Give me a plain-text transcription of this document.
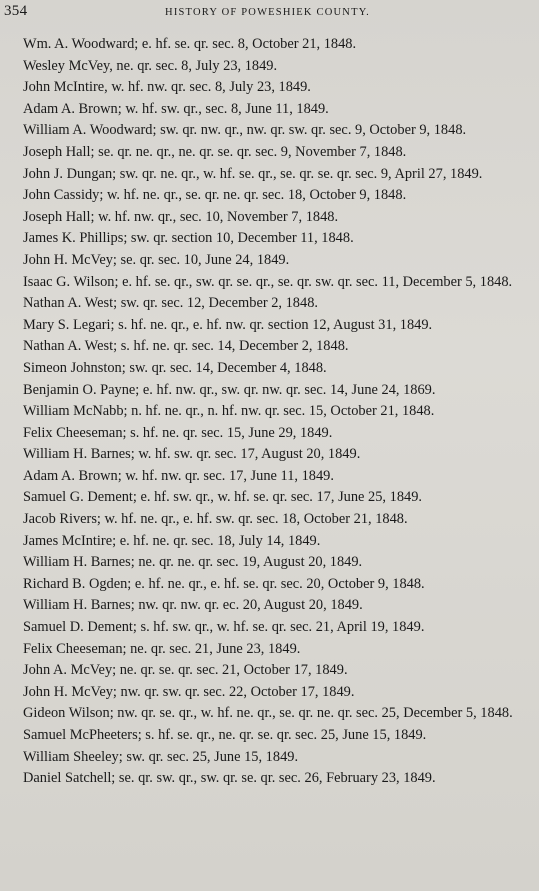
354	HISTORY OF POWESHIEK COUNTY.

Wm. A. Woodward; e. hf. se. qr. sec. 8, October 21, 1848.

Wesley McVey, ne. qr. sec. 8, July 23, 1849.

John McIntire, w. hf. nw. qr. sec. 8, July 23, 1849.

Adam A. Brown; w. hf. sw. qr., sec. 8, June 11, 1849.

William A. Woodward; sw. qr. nw. qr., nw. qr. sw. qr. sec. 9, October 9, 1848.

Joseph Hall; se. qr. ne. qr., ne. qr. se. qr. sec. 9, November 7, 1848.

John J. Dungan; sw. qr. ne. qr., w. hf. se. qr., se. qr. se. qr. sec. 9, April 27, 1849.

John Cassidy; w. hf. ne. qr., se. qr. ne. qr. sec. 18, October 9, 1848.

Joseph Hall; w. hf. nw. qr., sec. 10, November 7, 1848.

James K. Phillips; sw. qr. section 10, December 11, 1848.

John H. McVey; se. qr. sec. 10, June 24, 1849.

Isaac G. Wilson; e. hf. se. qr., sw. qr. se. qr., se. qr. sw. qr. sec. 11, December 5, 1848.

Nathan A. West; sw. qr. sec. 12, December 2, 1848.

Mary S. Legari; s. hf. ne. qr., e. hf. nw. qr. section 12, August 31, 1849.

Nathan A. West; s. hf. ne. qr. sec. 14, December 2, 1848.

Simeon Johnston; sw. qr. sec. 14, December 4, 1848.

Benjamin O. Payne; e. hf. nw. qr., sw. qr. nw. qr. sec. 14, June 24, 1869.

William McNabb; n. hf. ne. qr., n. hf. nw. qr. sec. 15, October 21, 1848.

Felix Cheeseman; s. hf. ne. qr. sec. 15, June 29, 1849.

William H. Barnes; w. hf. sw. qr. sec. 17, August 20, 1849.

Adam A. Brown; w. hf. nw. qr. sec. 17, June 11, 1849.

Samuel G. Dement; e. hf. sw. qr., w. hf. se. qr. sec. 17, June 25, 1849.

Jacob Rivers; w. hf. ne. qr., e. hf. sw. qr. sec. 18, October 21, 1848.

James McIntire; e. hf. ne. qr. sec. 18, July 14, 1849.

William H. Barnes; ne. qr. ne. qr. sec. 19, August 20, 1849.

Richard B. Ogden; e. hf. ne. qr., e. hf. se. qr. sec. 20, October 9, 1848.

William H. Barnes; nw. qr. nw. qr. ec. 20, August 20, 1849.

Samuel D. Dement; s. hf. sw. qr., w. hf. se. qr. sec. 21, April 19, 1849.

Felix Cheeseman; ne. qr. sec. 21, June 23, 1849.

John A. McVey; ne. qr. se. qr. sec. 21, October 17, 1849.

John H. McVey; nw. qr. sw. qr. sec. 22, October 17, 1849.

Gideon Wilson; nw. qr. se. qr., w. hf. ne. qr., se. qr. ne. qr. sec. 25, December 5, 1848.

Samuel McPheeters; s. hf. se. qr., ne. qr. se. qr. sec. 25, June 15, 1849.

William Sheeley; sw. qr. sec. 25, June 15, 1849.

Daniel Satchell; se. qr. sw. qr., sw. qr. se. qr. sec. 26, February 23, 1849.
